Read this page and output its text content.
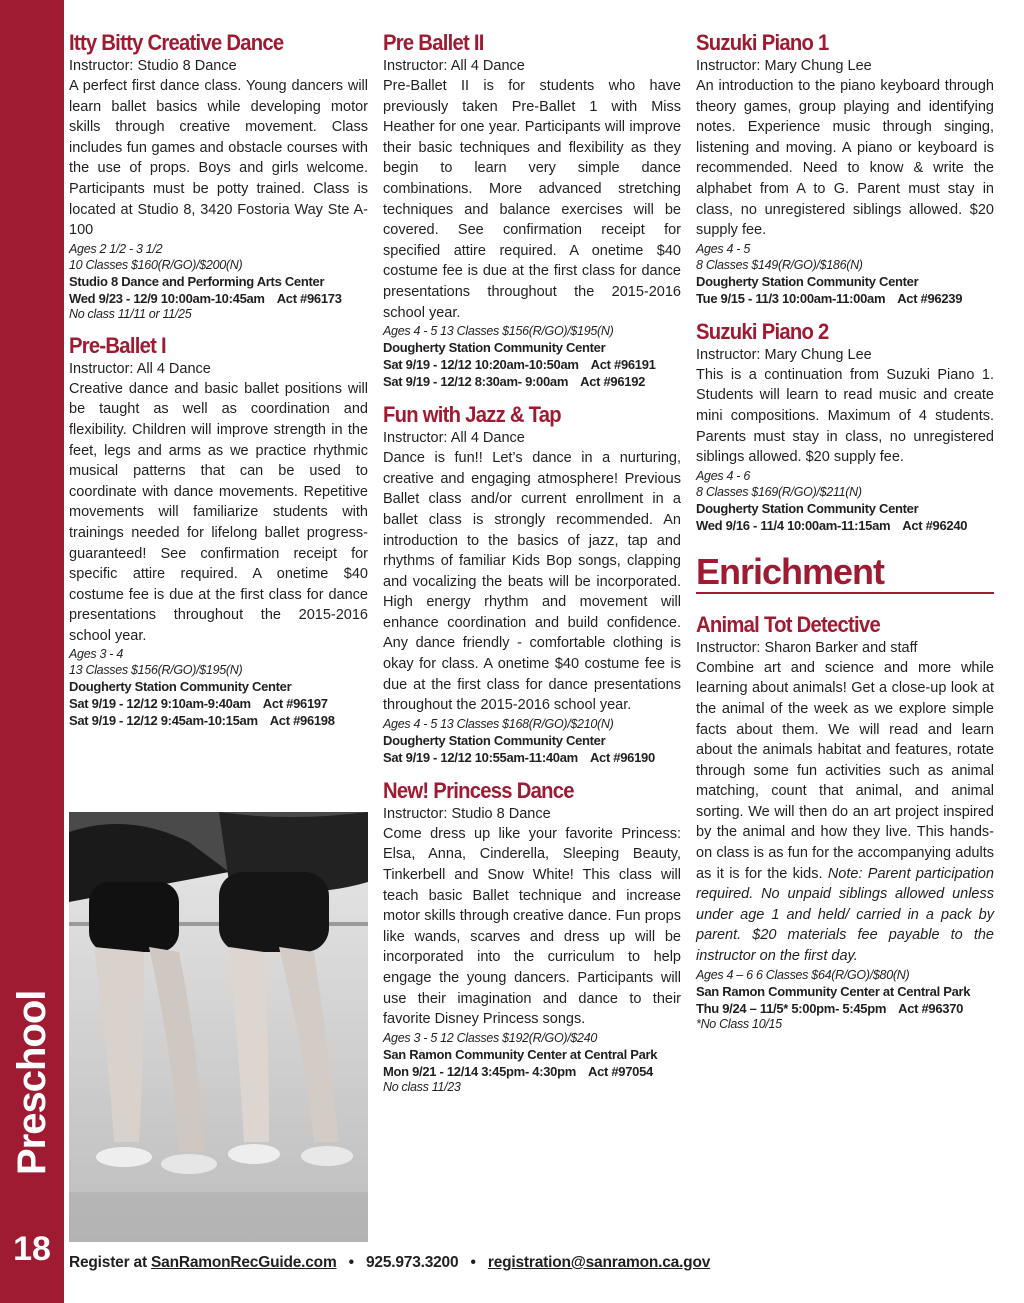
Preschool
18
Itty Bitty Creative Dance
Instructor: Studio 8 Dance
A perfect first dance class. Young dancers will learn ballet basics while developing motor skills through creative movement. Class includes fun games and obstacle courses with the use of props. Boys and girls welcome. Participants must be potty trained. Class is located at Studio 8, 3420 Fostoria Way Ste A-100
Ages 2 1/2 - 3 1/2
10 Classes $160(R/GO)/$200(N)
Studio 8 Dance and Performing Arts Center
Wed 9/23 - 12/9 10:00am-10:45am Act #96173
No class 11/11 or 11/25
Pre-Ballet I
Instructor: All 4 Dance
Creative dance and basic ballet positions will be taught as well as coordination and flexibility. Children will improve strength in the feet, legs and arms as we practice rhythmic musical patterns that can be used to coordinate with dance movements. Repetitive movements will familiarize students with trainings needed for lifelong ballet progress- guaranteed! See confirmation receipt for specific attire required. A onetime $40 costume fee is due at the first class for dance presentations throughout the 2015-2016 school year.
Ages 3 - 4
13 Classes $156(R/GO)/$195(N)
Dougherty Station Community Center
Sat 9/19 - 12/12 9:10am-9:40am Act #96197
Sat 9/19 - 12/12 9:45am-10:15am Act #96198
Pre Ballet II
Instructor: All 4 Dance
Pre-Ballet II is for students who have previously taken Pre-Ballet 1 with Miss Heather for one year. Participants will improve their basic techniques and flexibility as they begin to learn very simple dance combinations. More advanced stretching techniques and balance exercises will be covered. See confirmation receipt for specified attire required. A onetime $40 costume fee is due at the first class for dance presentations throughout the 2015-2016 school year.
Ages 4 - 5 13 Classes $156(R/GO)/$195(N)
Dougherty Station Community Center
Sat 9/19 - 12/12 10:20am-10:50am Act #96191
Sat 9/19 - 12/12 8:30am- 9:00am Act #96192
Fun with Jazz & Tap
Instructor: All 4 Dance
Dance is fun!! Let’s dance in a nurturing, creative and engaging atmosphere! Previous Ballet class and/or current enrollment in a ballet class is strongly recommended. An introduction to the basics of jazz, tap and rhythms of familiar Kids Bop songs, clapping and vocalizing the beats will be incorporated. High energy rhythm and movement will enhance coordination and build confidence. Any dance friendly - comfortable clothing is okay for class. A onetime $40 costume fee is due at the first class for dance presentations throughout the 2015-2016 school year.
Ages 4 - 5 13 Classes $168(R/GO)/$210(N)
Dougherty Station Community Center
Sat 9/19 - 12/12 10:55am-11:40am Act #96190
New! Princess Dance
Instructor: Studio 8 Dance
Come dress up like your favorite Princess: Elsa, Anna, Cinderella, Sleeping Beauty, Tinkerbell and Snow White! This class will teach basic Ballet technique and increase motor skills through creative dance. Fun props like wands, scarves and dress up will be incorporated into the curriculum to help engage the young dancers. Participants will use their imagination and dance to their favorite Disney Princess songs.
Ages 3 - 5 12 Classes $192(R/GO)/$240
San Ramon Community Center at Central Park
Mon 9/21 - 12/14 3:45pm- 4:30pm Act #97054
No class 11/23
Suzuki Piano 1
Instructor: Mary Chung Lee
An introduction to the piano keyboard through theory games, group playing and identifying notes. Experience music through singing, listening and moving. A piano or keyboard is recommended. Need to know & write the alphabet from A to G. Parent must stay in class, no unregistered siblings allowed. $20 supply fee.
Ages 4 - 5
8 Classes $149(R/GO)/$186(N)
Dougherty Station Community Center
Tue 9/15 - 11/3 10:00am-11:00am Act #96239
Suzuki Piano 2
Instructor: Mary Chung Lee
This is a continuation from Suzuki Piano 1. Students will learn to read music and create mini compositions. Maximum of 4 students. Parents must stay in class, no unregistered siblings allowed. $20 supply fee.
Ages 4 - 6
8 Classes $169(R/GO)/$211(N)
Dougherty Station Community Center
Wed 9/16 - 11/4 10:00am-11:15am Act #96240
Enrichment
Animal Tot Detective
Instructor: Sharon Barker and staff
Combine art and science and more while learning about animals! Get a close-up look at the animal of the week as we explore simple facts about them. We will read and learn about the animals habitat and features, rotate through some fun activities such as animal matching, count that animal, and animal sorting. We will then do an art project inspired by the animal and how they live. This hands-on class is as fun for the accompanying adults as it is for the kids. Note: Parent participation required. No unpaid siblings allowed unless under age 1 and held/ carried in a pack by parent. $20 materials fee payable to the instructor on the first day.
Ages 4 – 6 6 Classes $64(R/GO)/$80(N)
San Ramon Community Center at Central Park
Thu 9/24 – 11/5* 5:00pm- 5:45pm Act #96370
*No Class 10/15
Register at SanRamonRecGuide.com • 925.973.3200 • registration@sanramon.ca.gov
